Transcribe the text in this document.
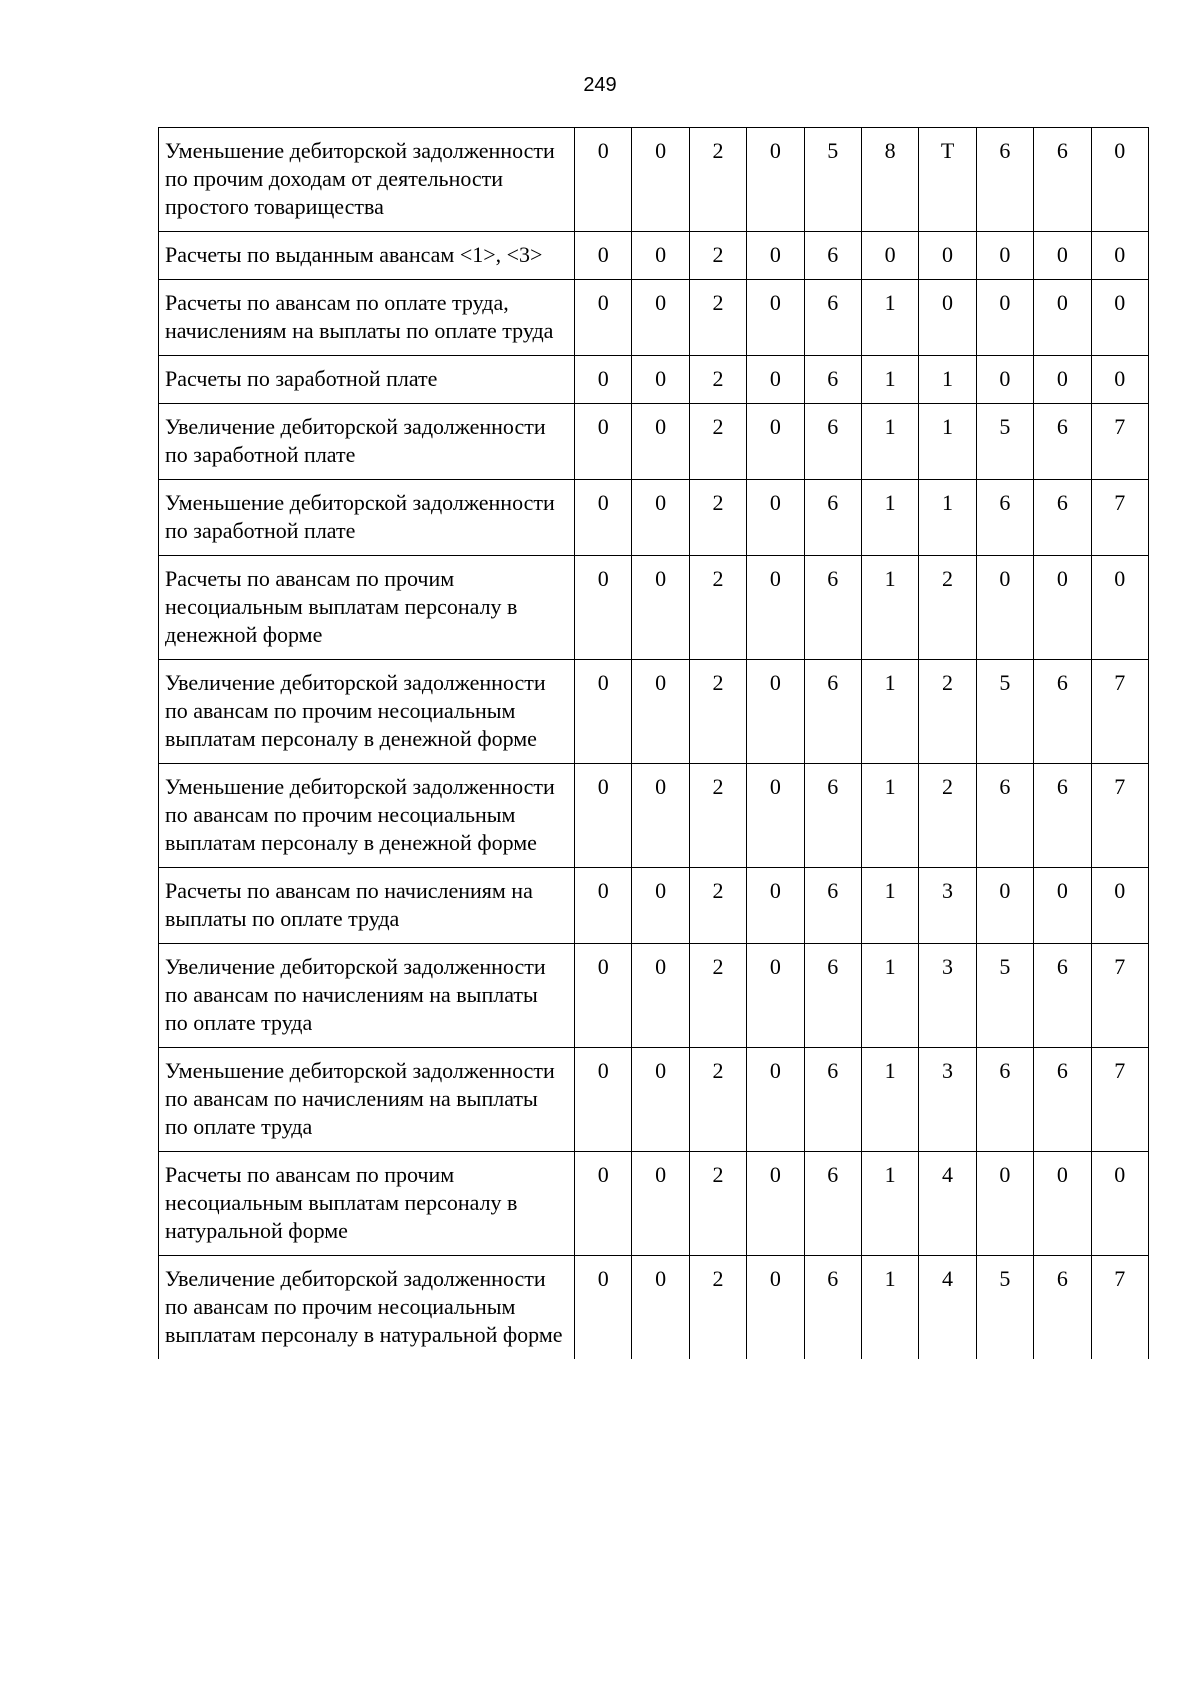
249
Уменьшение дебиторской задолженности по прочим доходам от деятельности простого товарищества	0	0	2	0	5	8	Т	6	6	0
Расчеты по выданным авансам <1>, <3>	0	0	2	0	6	0	0	0	0	0
Расчеты по авансам по оплате труда, начислениям на выплаты по оплате труда	0	0	2	0	6	1	0	0	0	0
Расчеты по заработной плате	0	0	2	0	6	1	1	0	0	0
Увеличение дебиторской задолженности по заработной плате	0	0	2	0	6	1	1	5	6	7
Уменьшение дебиторской задолженности по заработной плате	0	0	2	0	6	1	1	6	6	7
Расчеты по авансам по прочим несоциальным выплатам персоналу в денежной форме	0	0	2	0	6	1	2	0	0	0
Увеличение дебиторской задолженности по авансам по прочим несоциальным выплатам персоналу в денежной форме	0	0	2	0	6	1	2	5	6	7
Уменьшение дебиторской задолженности по авансам по прочим несоциальным выплатам персоналу в денежной форме	0	0	2	0	6	1	2	6	6	7
Расчеты по авансам по начислениям на выплаты по оплате труда	0	0	2	0	6	1	3	0	0	0
Увеличение дебиторской задолженности по авансам по начислениям на выплаты по оплате труда	0	0	2	0	6	1	3	5	6	7
Уменьшение дебиторской задолженности по авансам по начислениям на выплаты по оплате труда	0	0	2	0	6	1	3	6	6	7
Расчеты по авансам по прочим несоциальным выплатам персоналу в натуральной форме	0	0	2	0	6	1	4	0	0	0
Увеличение дебиторской задолженности по авансам по прочим несоциальным выплатам персоналу в натуральной форме	0	0	2	0	6	1	4	5	6	7
